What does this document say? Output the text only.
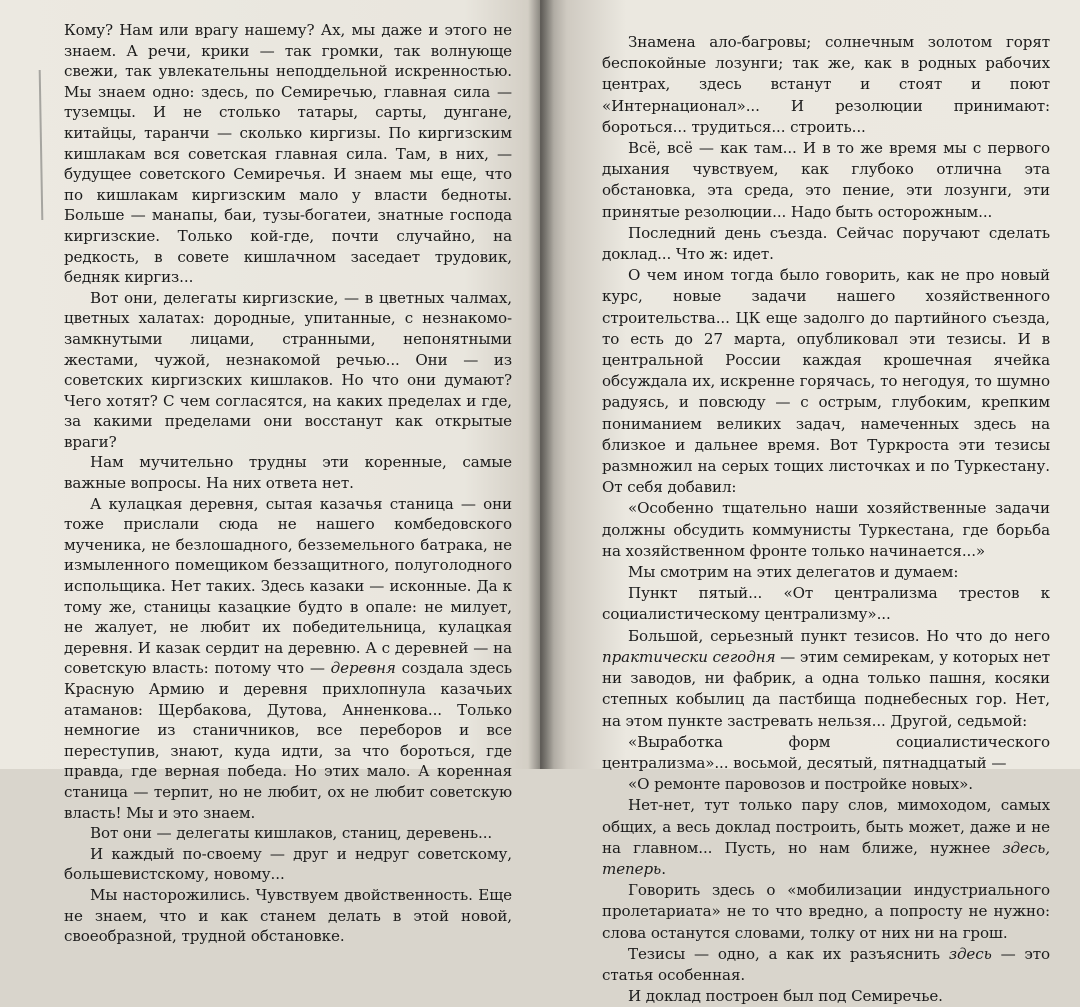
Кому? Нам или врагу нашему? Ах, мы даже и этого не знаем. А речи, крики — так громки, так волнующе свежи, так увлекательны неподдельной искренностью. Мы знаем одно: здесь, по Семиречью, главная сила — туземцы. И не столько татары, сарты, дунгане, китайцы, таранчи — сколько киргизы. По киргизским кишлакам вся советская главная сила. Там, в них, — будущее советского Семиречья. И знаем мы еще, что по кишлакам киргизским мало у власти бедноты. Больше — манапы, баи, тузы-богатеи, знатные господа киргизские. Только кой-где, почти случайно, на редкость, в совете кишлачном заседает трудовик, бедняк киргиз...

Вот они, делегаты киргизские, — в цветных чалмах, цветных халатах: дородные, упитанные, с незнакомо-замкнутыми лицами, странными, непонятными жестами, чужой, незнакомой речью... Они — из советских киргизских кишлаков. Но что они думают? Чего хотят? С чем согласятся, на каких пределах и где, за какими пределами они восстанут как открытые враги?

Нам мучительно трудны эти коренные, самые важные вопросы. На них ответа нет.

А кулацкая деревня, сытая казачья станица — они тоже прислали сюда не нашего комбедовского мученика, не безлошадного, безземельного батрака, не измыленного помещиком беззащитного, полуголодного испольщика. Нет таких. Здесь казаки — исконные. Да к тому же, станицы казацкие будто в опале: не милует, не жалует, не любит их победительница, кулацкая деревня. И казак сердит на деревню. А с деревней — на советскую власть: потому что — деревня создала здесь Красную Армию и деревня прихлопнула казачьих атаманов: Щербакова, Дутова, Анненкова... Только немногие из станичников, все переборов и все переступив, знают, куда идти, за что бороться, где правда, где верная победа. Но этих мало. А коренная станица — терпит, но не любит, ох не любит советскую власть! Мы и это знаем.

Вот они — делегаты кишлаков, станиц, деревень...

И каждый по-своему — друг и недруг советскому, большевистскому, новому...

Мы насторожились. Чувствуем двойственность. Еще не знаем, что и как станем делать в этой новой, своеобразной, трудной обстановке.

Знамена ало-багровы; солнечным золотом горят беспокойные лозунги; так же, как в родных рабочих центрах, здесь встанут и стоят и поют «Интернационал»... И резолюции принимают: бороться... трудиться... строить...

Всё, всё — как там... И в то же время мы с первого дыхания чувствуем, как глубоко отлична эта обстановка, эта среда, это пение, эти лозунги, эти принятые резолюции... Надо быть осторожным...

Последний день съезда. Сейчас поручают сделать доклад... Что ж: идет.

О чем ином тогда было говорить, как не про новый курс, новые задачи нашего хозяйственного строительства... ЦК еще задолго до партийного съезда, то есть до 27 марта, опубликовал эти тезисы. И в центральной России каждая крошечная ячейка обсуждала их, искренне горячась, то негодуя, то шумно радуясь, и повсюду — с острым, глубоким, крепким пониманием великих задач, намеченных здесь на близкое и дальнее время. Вот Туркроста эти тезисы размножил на серых тощих листочках и по Туркестану. От себя добавил:

«Особенно тщательно наши хозяйственные задачи должны обсудить коммунисты Туркестана, где борьба на хозяйственном фронте только начинается...»

Мы смотрим на этих делегатов и думаем:

Пункт пятый... «От централизма трестов к социалистическому централизму»...

Большой, серьезный пункт тезисов. Но что до него практически сегодня — этим семирекам, у которых нет ни заводов, ни фабрик, а одна только пашня, косяки степных кобылиц да пастбища поднебесных гор. Нет, на этом пункте застревать нельзя... Другой, седьмой:

«Выработка форм социалистического централизма»... восьмой, десятый, пятнадцатый —

«О ремонте паровозов и постройке новых».

Нет-нет, тут только пару слов, мимоходом, самых общих, а весь доклад построить, быть может, даже и не на главном... Пусть, но нам ближе, нужнее здесь, теперь.

Говорить здесь о «мобилизации индустриального пролетариата» не то что вредно, а попросту не нужно: слова останутся словами, толку от них ни на грош.

Тезисы — одно, а как их разъяснить здесь — это статья особенная.

И доклад построен был под Семиречье.
